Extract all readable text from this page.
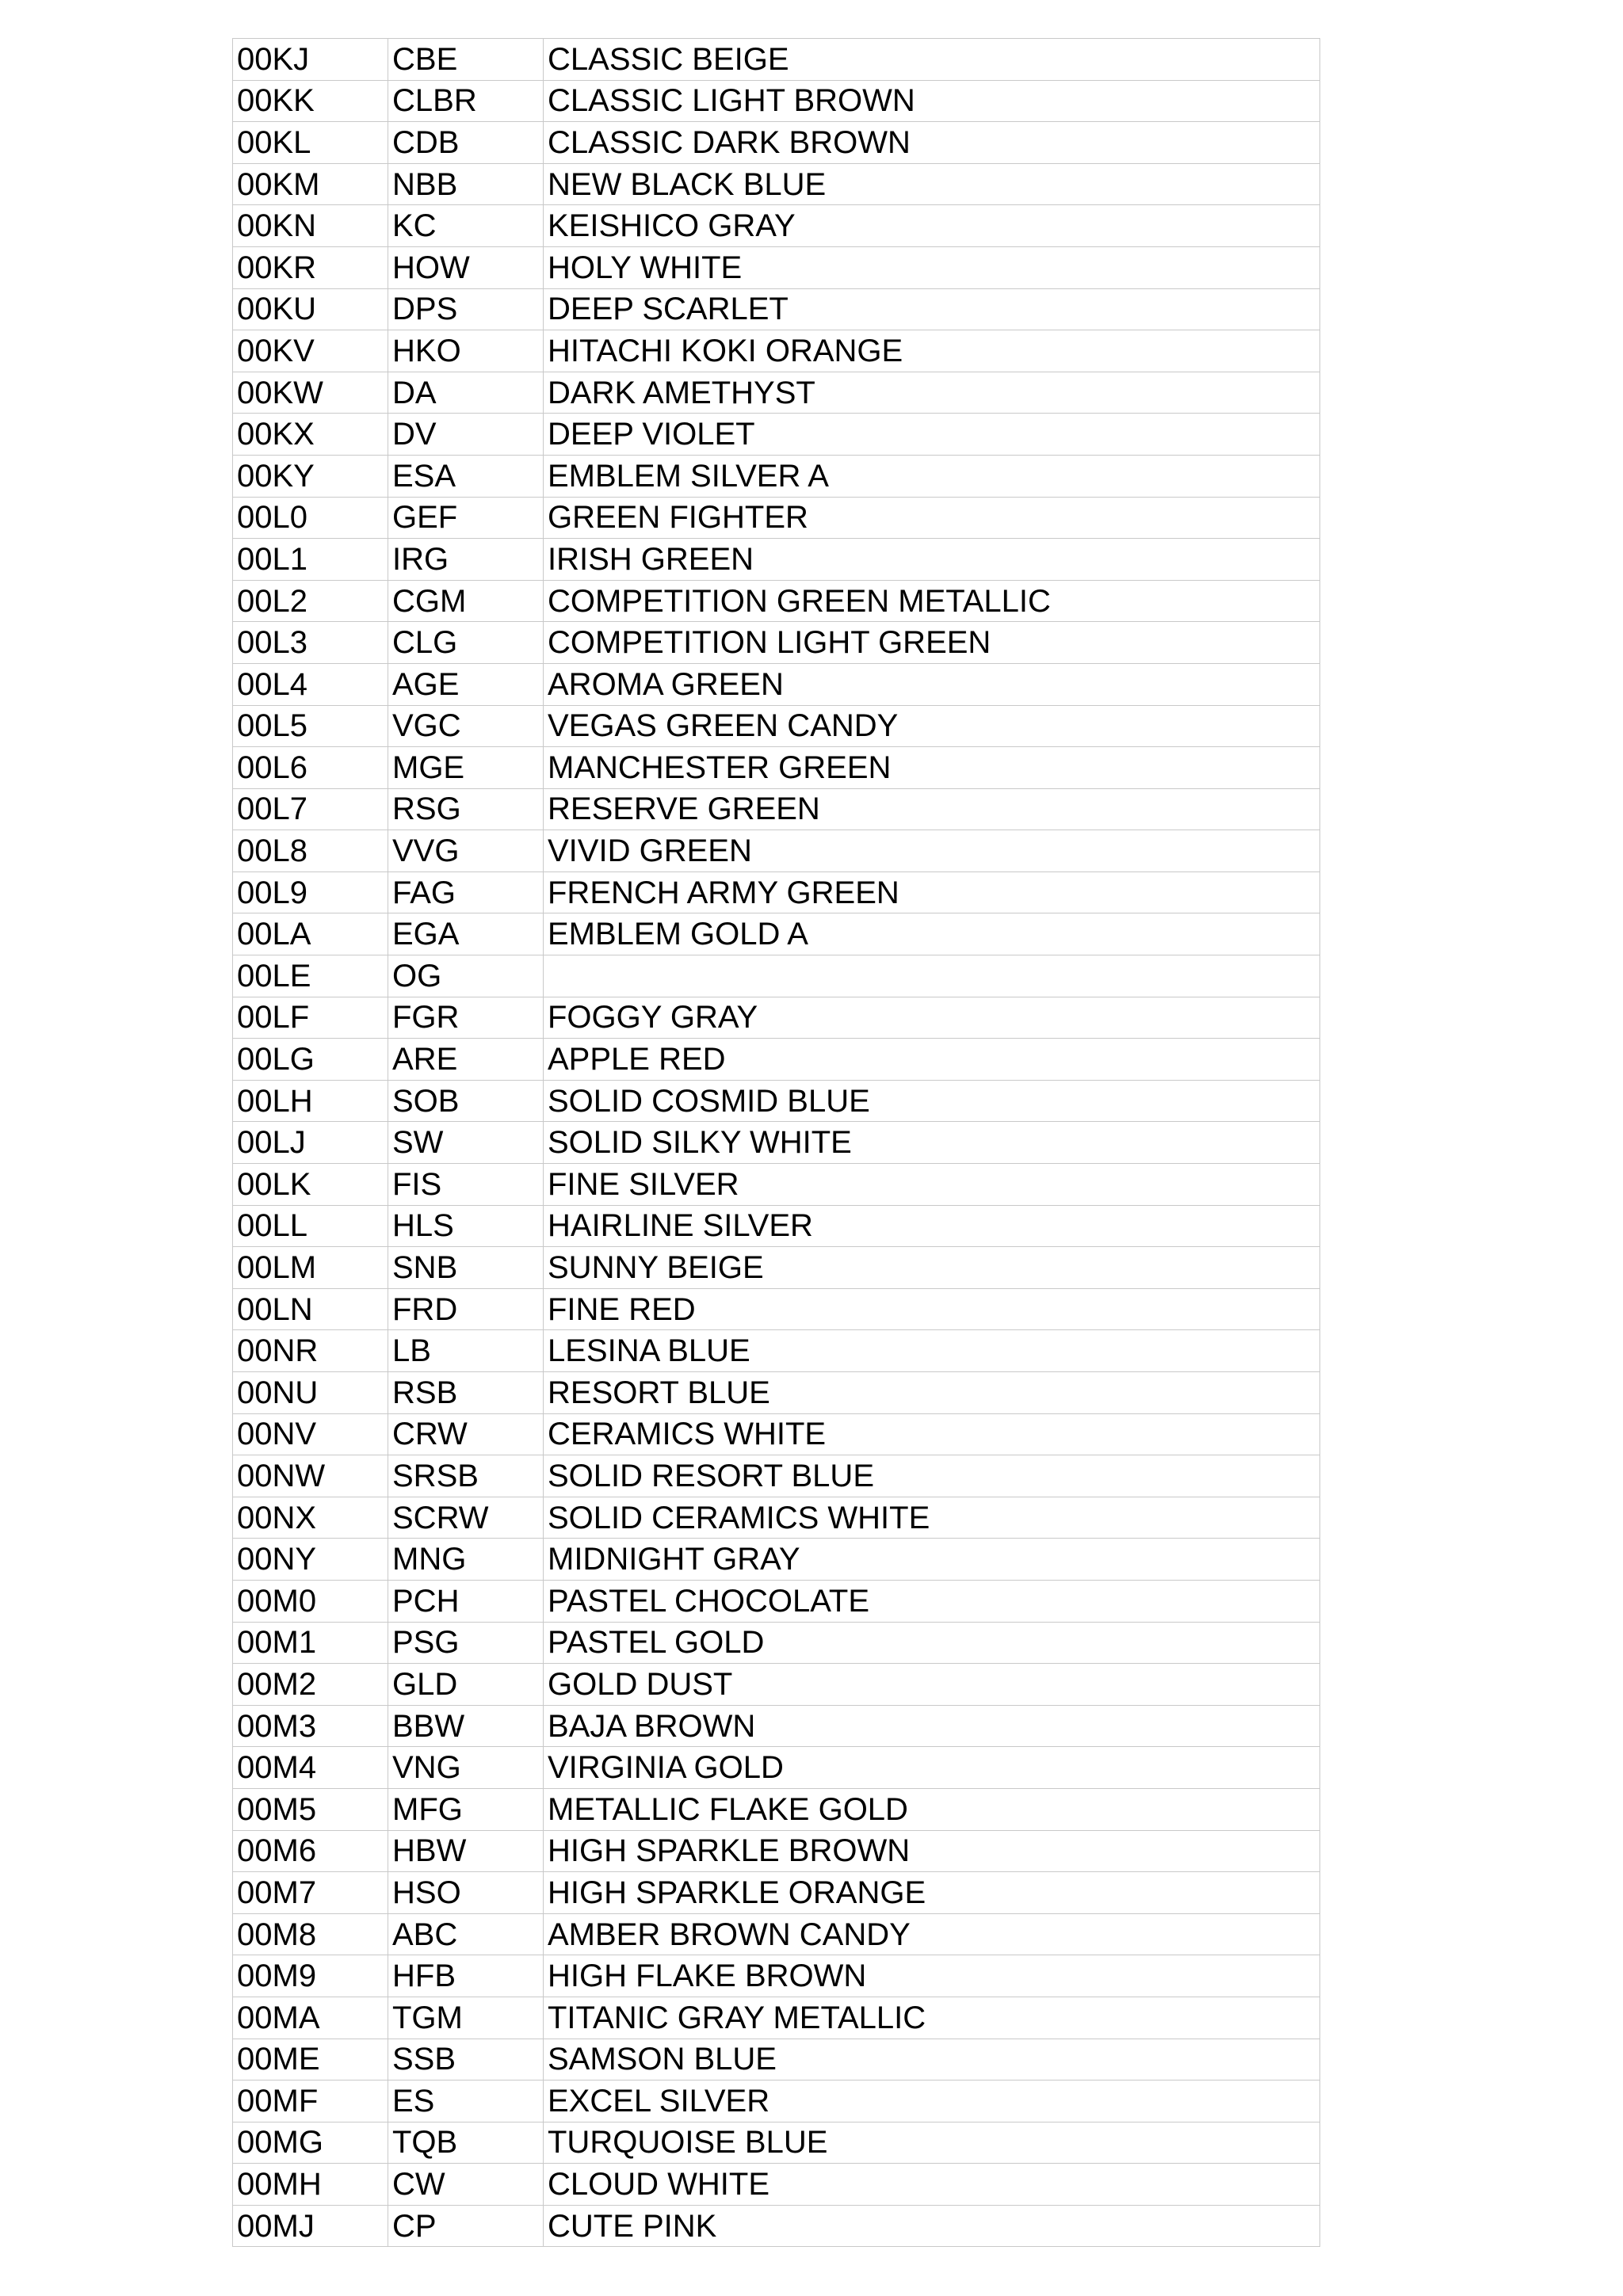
00KJ	CBE	CLASSIC BEIGE
00KK	CLBR	CLASSIC LIGHT BROWN
00KL	CDB	CLASSIC DARK BROWN
00KM	NBB	NEW BLACK BLUE
00KN	KC	KEISHICO GRAY
00KR	HOW	HOLY WHITE
00KU	DPS	DEEP SCARLET
00KV	HKO	HITACHI KOKI ORANGE
00KW	DA	DARK AMETHYST
00KX	DV	DEEP VIOLET
00KY	ESA	EMBLEM SILVER A
00L0	GEF	GREEN FIGHTER
00L1	IRG	IRISH GREEN
00L2	CGM	COMPETITION GREEN METALLIC
00L3	CLG	COMPETITION LIGHT GREEN
00L4	AGE	AROMA GREEN
00L5	VGC	VEGAS GREEN CANDY
00L6	MGE	MANCHESTER GREEN
00L7	RSG	RESERVE GREEN
00L8	VVG	VIVID GREEN
00L9	FAG	FRENCH ARMY GREEN
00LA	EGA	EMBLEM GOLD A
00LE	OG	
00LF	FGR	FOGGY GRAY
00LG	ARE	APPLE RED
00LH	SOB	SOLID COSMID BLUE
00LJ	SW	SOLID SILKY WHITE
00LK	FIS	FINE SILVER
00LL	HLS	HAIRLINE SILVER
00LM	SNB	SUNNY BEIGE
00LN	FRD	FINE RED
00NR	LB	LESINA BLUE
00NU	RSB	RESORT BLUE
00NV	CRW	CERAMICS WHITE
00NW	SRSB	SOLID RESORT BLUE
00NX	SCRW	SOLID CERAMICS WHITE
00NY	MNG	MIDNIGHT GRAY
00M0	PCH	PASTEL CHOCOLATE
00M1	PSG	PASTEL GOLD
00M2	GLD	GOLD DUST
00M3	BBW	BAJA BROWN
00M4	VNG	VIRGINIA GOLD
00M5	MFG	METALLIC FLAKE GOLD
00M6	HBW	HIGH SPARKLE BROWN
00M7	HSO	HIGH SPARKLE ORANGE
00M8	ABC	AMBER BROWN CANDY
00M9	HFB	HIGH FLAKE BROWN
00MA	TGM	TITANIC GRAY METALLIC
00ME	SSB	SAMSON BLUE
00MF	ES	EXCEL SILVER
00MG	TQB	TURQUOISE BLUE
00MH	CW	CLOUD WHITE
00MJ	CP	CUTE PINK
